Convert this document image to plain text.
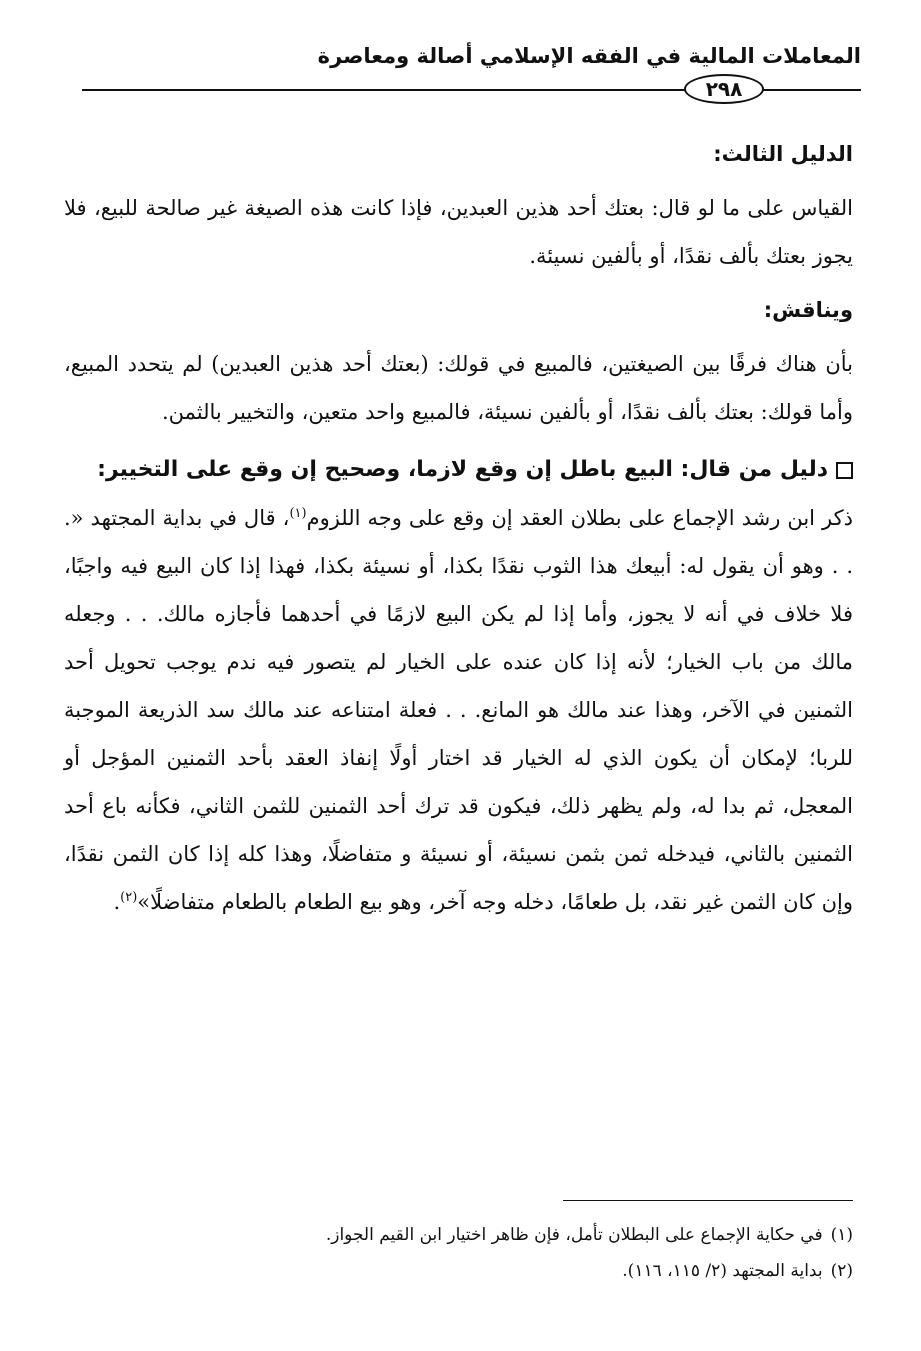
المعاملات المالية في الفقه الإسلامي أصالة ومعاصرة
٢٩٨

الدليل الثالث:

القياس على ما لو قال: بعتك أحد هذين العبدين، فإذا كانت هذه الصيغة غير صالحة للبيع، فلا يجوز بعتك بألف نقدًا، أو بألفين نسيئة.

ويناقش:

بأن هناك فرقًا بين الصيغتين، فالمبيع في قولك: (بعتك أحد هذين العبدين) لم يتحدد المبيع، وأما قولك: بعتك بألف نقدًا، أو بألفين نسيئة، فالمبيع واحد متعين، والتخيير بالثمن.

دليل من قال: البيع باطل إن وقع لازما، وصحيح إن وقع على التخيير:

ذكر ابن رشد الإجماع على بطلان العقد إن وقع على وجه اللزوم$^{(١)}$، قال في بداية المجتهد «. . . وهو أن يقول له: أبيعك هذا الثوب نقدًا بكذا، أو نسيئة بكذا، فهذا إذا كان البيع فيه واجبًا، فلا خلاف في أنه لا يجوز، وأما إذا لم يكن البيع لازمًا في أحدهما فأجازه مالك. . . وجعله مالك من باب الخيار؛ لأنه إذا كان عنده على الخيار لم يتصور فيه ندم يوجب تحويل أحد الثمنين في الآخر، وهذا عند مالك هو المانع. . . فعلة امتناعه عند مالك سد الذريعة الموجبة للربا؛ لإمكان أن يكون الذي له الخيار قد اختار أولًا إنفاذ العقد بأحد الثمنين المؤجل أو المعجل، ثم بدا له، ولم يظهر ذلك، فيكون قد ترك أحد الثمنين للثمن الثاني، فكأنه باع أحد الثمنين بالثاني، فيدخله ثمن بثمن نسيئة، أو نسيئة و متفاضلًا، وهذا كله إذا كان الثمن نقدًا، وإن كان الثمن غير نقد، بل طعامًا، دخله وجه آخر، وهو بيع الطعام بالطعام متفاضلًا»$^{(٢)}$.

(١)في حكاية الإجماع على البطلان تأمل، فإن ظاهر اختيار ابن القيم الجواز.

(٢)بداية المجتهد (٢/ ١١٥، ١١٦).
